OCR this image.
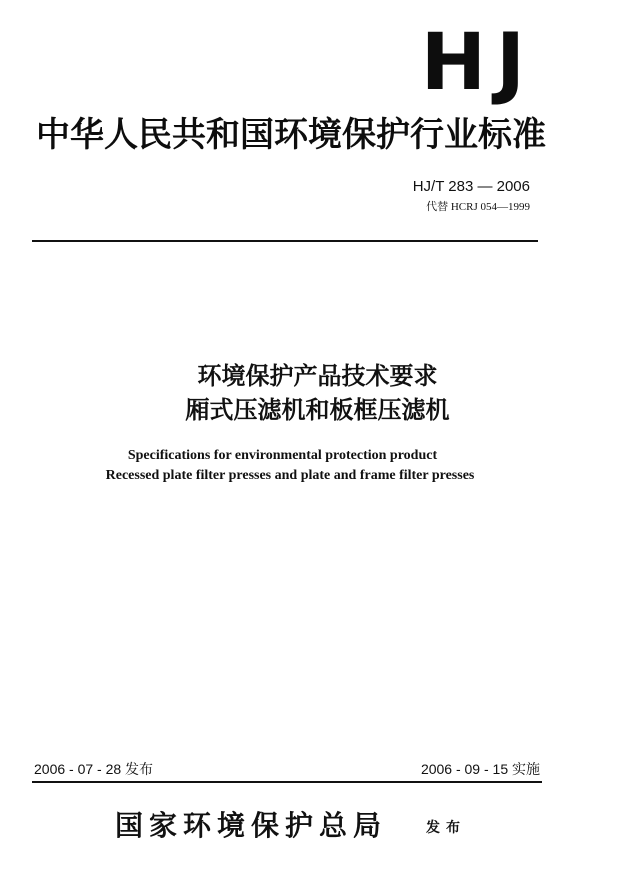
HJ
中华人民共和国环境保护行业标准
HJ/T 283 — 2006
代替 HCRJ 054—1999
环境保护产品技术要求
厢式压滤机和板框压滤机
Specifications for environmental protection product
Recessed plate filter presses and plate and frame filter presses
2006 - 07 - 28 发布	2006 - 09 - 15 实施
国家环境保护总局	发布
